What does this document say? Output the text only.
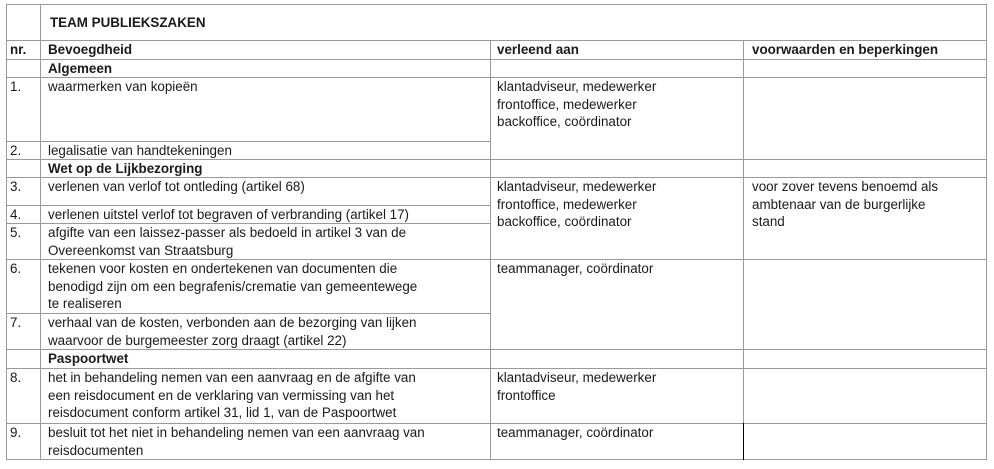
TEAM PUBLIEKSZAKEN
nr. Bevoegdheid	verleend aan	voorwaarden en beperkingen
Algemeen
1. waarmerken van kopieën
2. legalisatie van handtekeningen
klantadviseur, medewerker
frontoffice, medewerker
backoffice, coördinator
Wet op de Lijkbezorging
3. verlenen van verlof tot ontleding (artikel 68)
4. verlenen uitstel verlof tot begraven of verbranding (artikel 17)
5. afgifte van een laissez-passer als bedoeld in artikel 3 van de
Overeenkomst van Straatsburg
6. tekenen voor kosten en ondertekenen van documenten die
benodigd zijn om een begrafenis/crematie van gemeentewege
te realiseren
7. verhaal van de kosten, verbonden aan de bezorging van lijken
waarvoor de burgemeester zorg draagt (artikel 22)
klantadviseur, medewerker
frontoffice, medewerker
backoffice, coördinator
voor zover tevens benoemd als
ambtenaar van de burgerlijke
stand
teammanager, coördinator
Paspoortwet
8. het in behandeling nemen van een aanvraag en de afgifte van
een reisdocument en de verklaring van vermissing van het
reisdocument conform artikel 31, lid 1, van de Paspoortwet
klantadviseur, medewerker
frontoffice
9. besluit tot het niet in behandeling nemen van een aanvraag van
reisdocumenten
teammanager, coördinator
